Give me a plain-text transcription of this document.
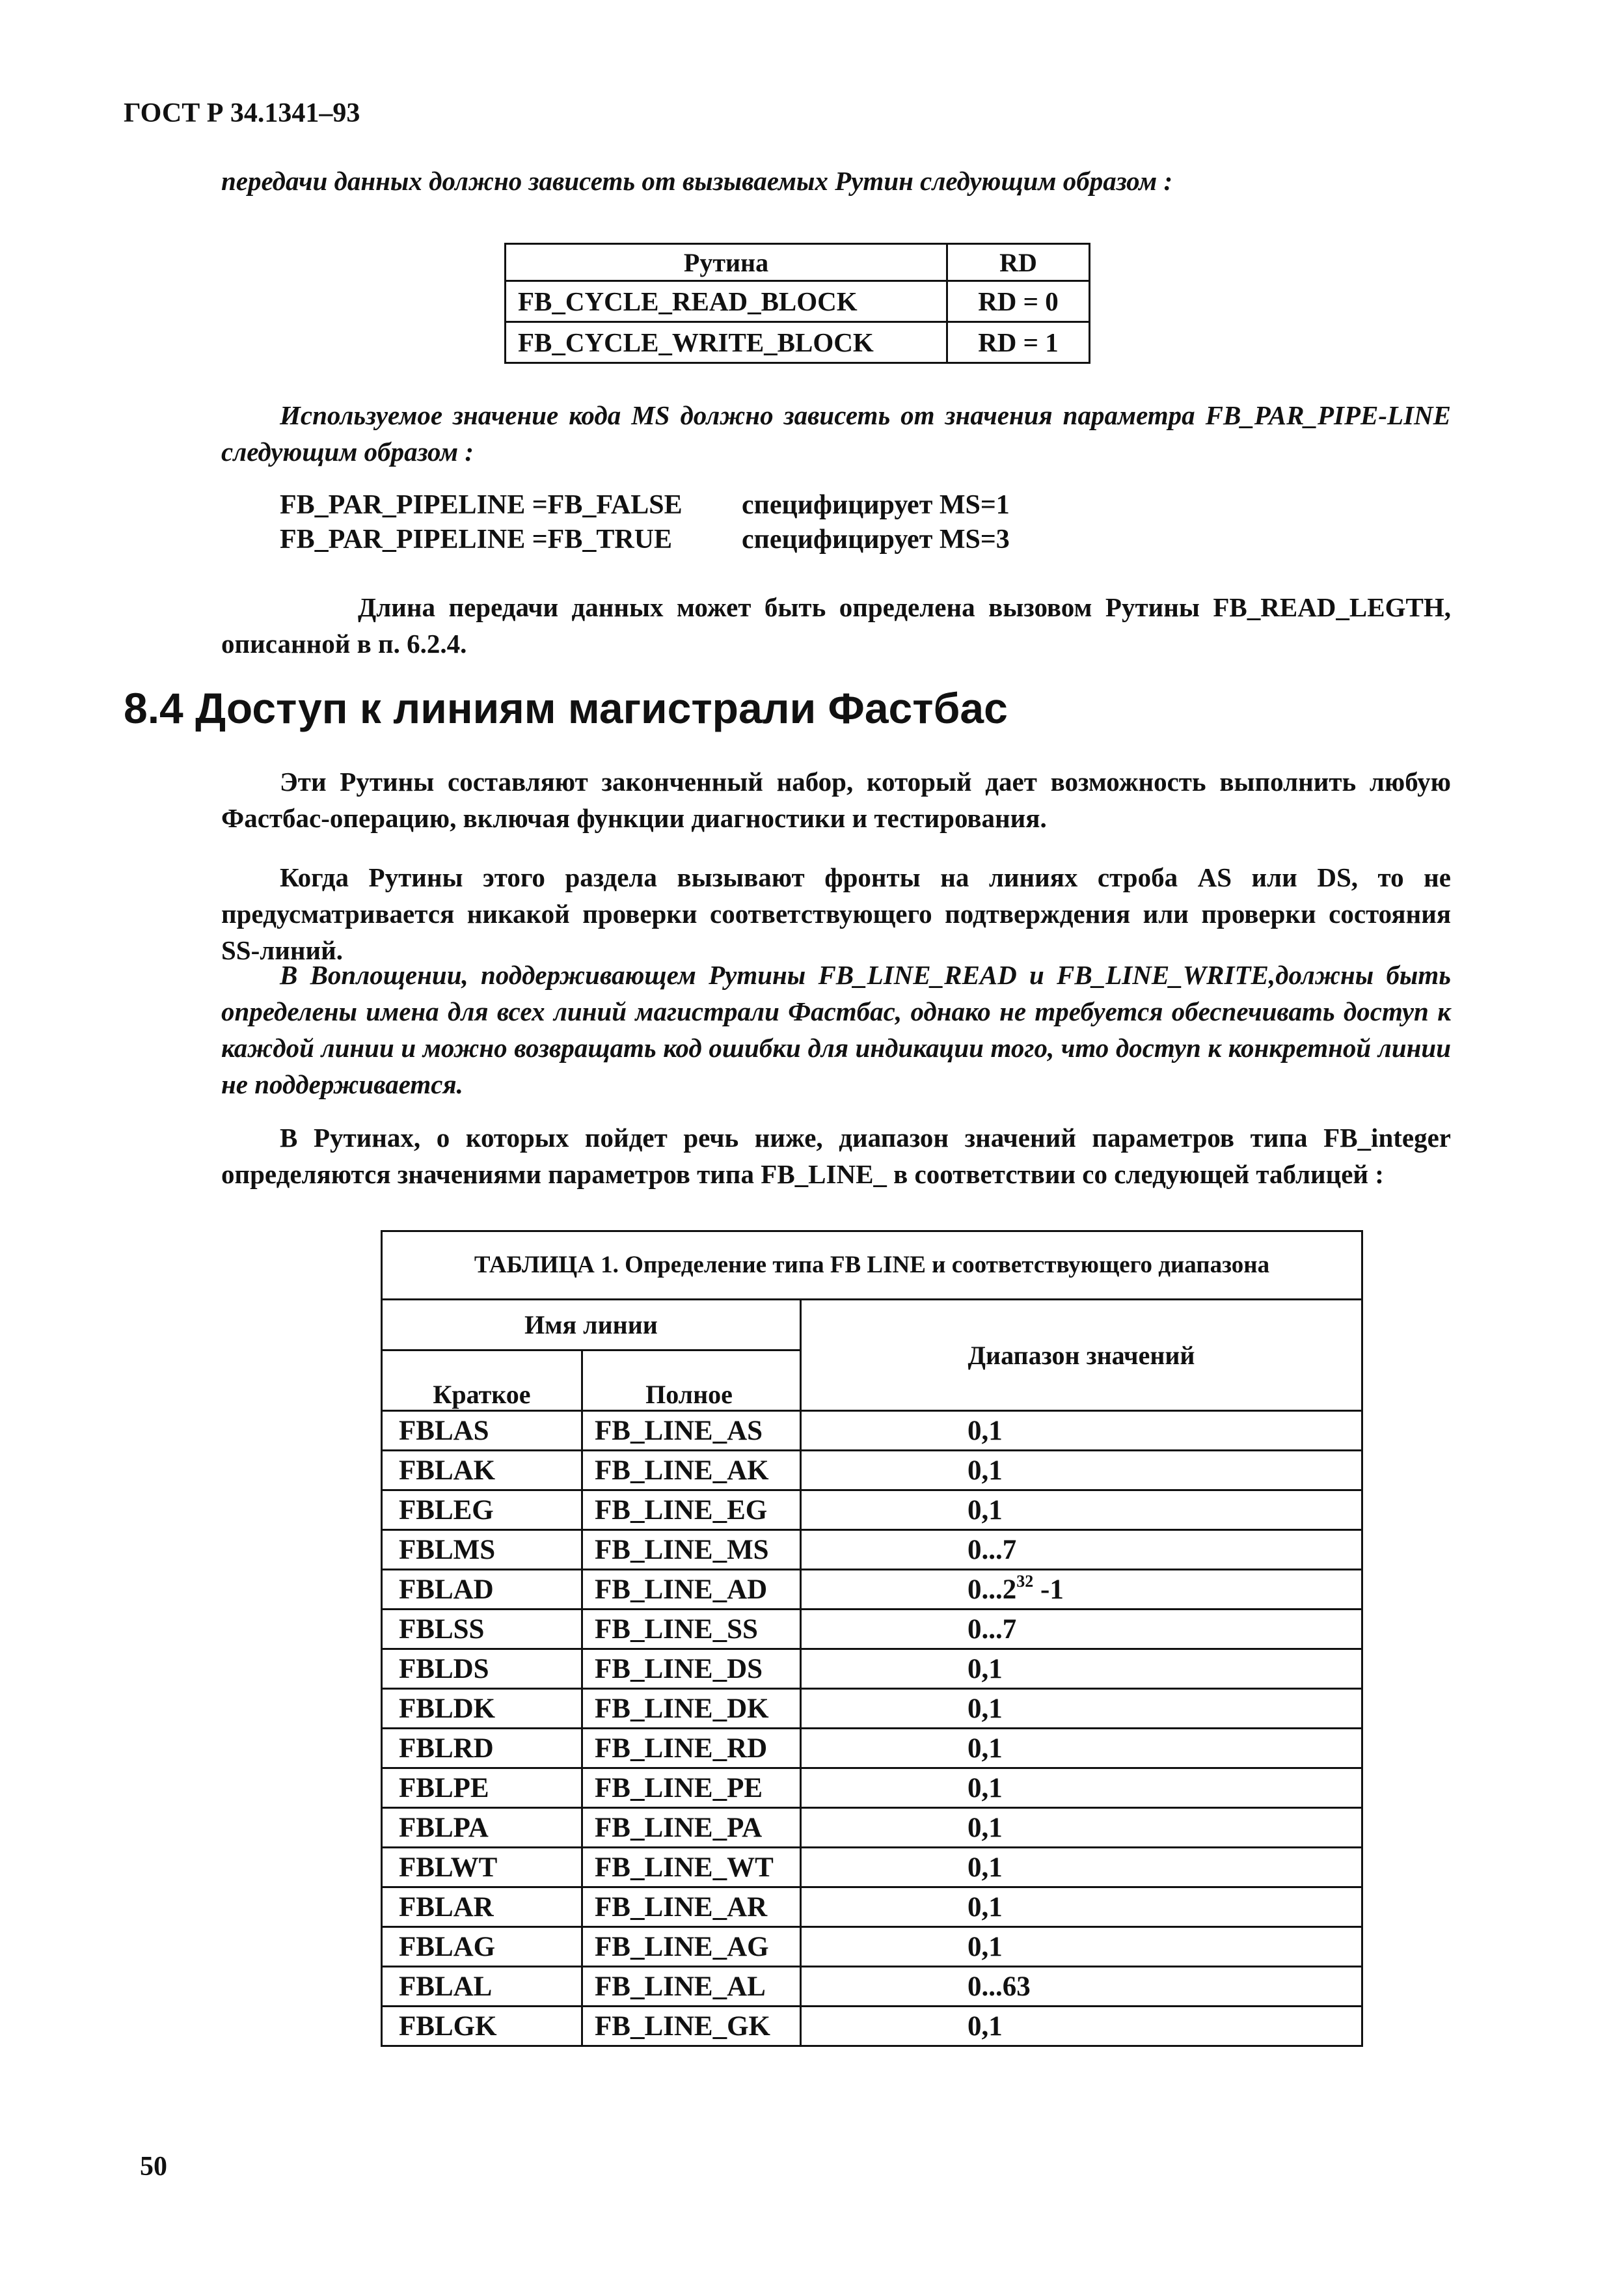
ГОСТ Р 34.1341–93
передачи данных должно зависеть от вызываемых Рутин следующим образом :
Рутина	RD
FB_CYCLE_READ_BLOCK	RD = 0
FB_CYCLE_WRITE_BLOCK	RD = 1
Используемое значение кода MS должно зависеть от значения параметра FB_PAR_PIPE-LINE следующим образом :
FB_PAR_PIPELINE =FB_FALSE специфицирует MS=1
FB_PAR_PIPELINE =FB_TRUE	специфицирует MS=3
Длина передачи данных может быть определена вызовом Рутины FB_READ_LEGTH, описанной в п. 6.2.4.
8.4 Доступ к линиям магистрали Фастбас
Эти Рутины составляют законченный набор, который дает возможность выполнить любую Фастбас-операцию, включая функции диагностики и тестирования.
Когда Рутины этого раздела вызывают фронты на линиях строба AS или DS, то не предусматривается никакой проверки соответствующего подтверждения или проверки состояния SS-линий.
В Воплощении, поддерживающем Рутины FB_LINE_READ и FB_LINE_WRITE,должны быть определены имена для всех линий магистрали Фастбас, однако не требуется обеспечивать доступ к каждой линии и можно возвращать код ошибки для индикации того, что доступ к конкретной линии не поддерживается.
В Рутинах, о которых пойдет речь ниже, диапазон значений параметров типа FB_integer определяются значениями параметров типа FB_LINE_ в соответствии со следующей таблицей :
ТАБЛИЦА 1. Определение типа FB LINE и соответствующего диапазона		
Имя линии		Диапазон значений
Краткое	Полное	
FBLAS	FB_LINE_AS	0,1
FBLAK	FB_LINE_AK	0,1
FBLEG	FB_LINE_EG	0,1
FBLMS	FB_LINE_MS	0...7
FBLAD	FB_LINE_AD	0...2$^{32}$ -1
FBLSS	FB_LINE_SS	0...7
FBLDS	FB_LINE_DS	0,1
FBLDK	FB_LINE_DK	0,1
FBLRD	FB_LINE_RD	0,1
FBLPE	FB_LINE_PE	0,1
FBLPA	FB_LINE_PA	0,1
FBLWT	FB_LINE_WT	0,1
FBLAR	FB_LINE_AR	0,1
FBLAG	FB_LINE_AG	0,1
FBLAL	FB_LINE_AL	0...63
FBLGK	FB_LINE_GK	0,1
50
